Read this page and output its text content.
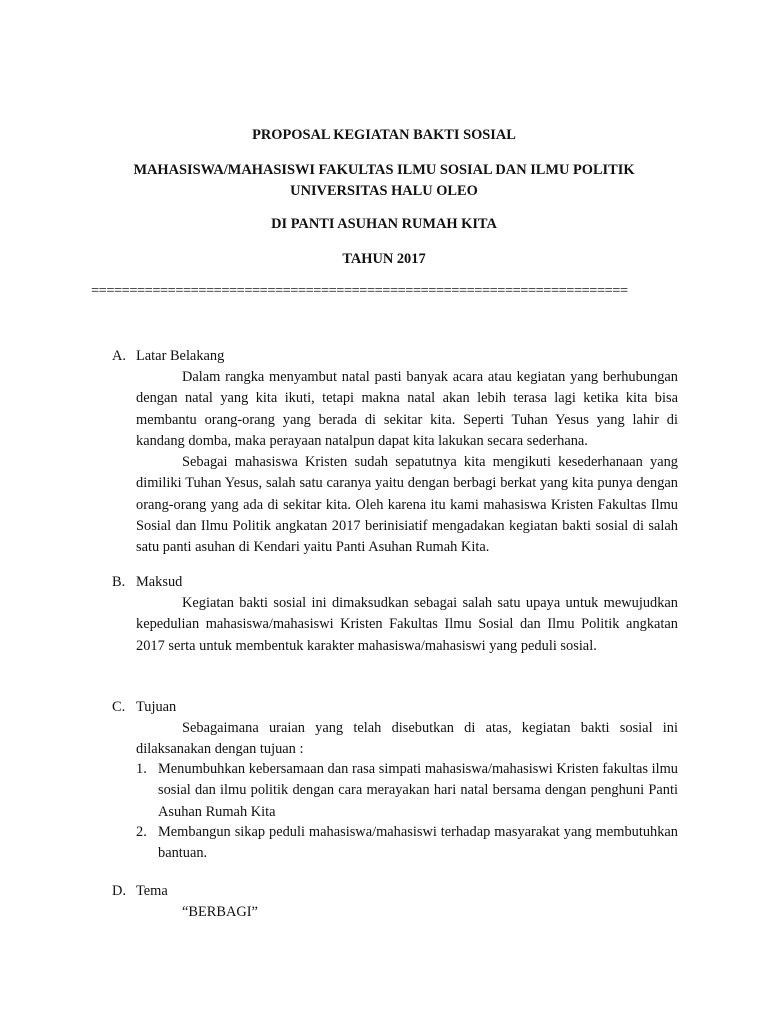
PROPOSAL KEGIATAN BAKTI SOSIAL

MAHASISWA/MAHASISWI FAKULTAS ILMU SOSIAL DAN ILMU POLITIK

UNIVERSITAS HALU OLEO

DI PANTI ASUHAN RUMAH KITA

TAHUN 2017

======================================================================

A. Latar Belakang

Dalam rangka menyambut natal pasti banyak acara atau kegiatan yang berhubungan dengan natal yang kita ikuti, tetapi makna natal akan lebih terasa lagi ketika kita bisa membantu orang-orang yang berada di sekitar kita. Seperti Tuhan Yesus yang lahir di kandang domba, maka perayaan natalpun dapat kita lakukan secara sederhana.

Sebagai mahasiswa Kristen sudah sepatutnya kita mengikuti kesederhanaan yang dimiliki Tuhan Yesus, salah satu caranya yaitu dengan berbagi berkat yang kita punya dengan orang-orang yang ada di sekitar kita. Oleh karena itu kami mahasiswa Kristen Fakultas Ilmu Sosial dan Ilmu Politik angkatan 2017 berinisiatif mengadakan kegiatan bakti sosial di salah satu panti asuhan di Kendari yaitu Panti Asuhan Rumah Kita.

B. Maksud

Kegiatan bakti sosial ini dimaksudkan sebagai salah satu upaya untuk mewujudkan kepedulian mahasiswa/mahasiswi Kristen Fakultas Ilmu Sosial dan Ilmu Politik angkatan 2017 serta untuk membentuk karakter mahasiswa/mahasiswi yang peduli sosial.

C. Tujuan

Sebagaimana uraian yang telah disebutkan di atas, kegiatan bakti sosial ini dilaksanakan dengan tujuan :

1. Menumbuhkan kebersamaan dan rasa simpati mahasiswa/mahasiswi Kristen fakultas ilmu sosial dan ilmu politik dengan cara merayakan hari natal bersama dengan penghuni Panti Asuhan Rumah Kita
2. Membangun sikap peduli mahasiswa/mahasiswi terhadap masyarakat yang membutuhkan bantuan.

D. Tema

“BERBAGI”
